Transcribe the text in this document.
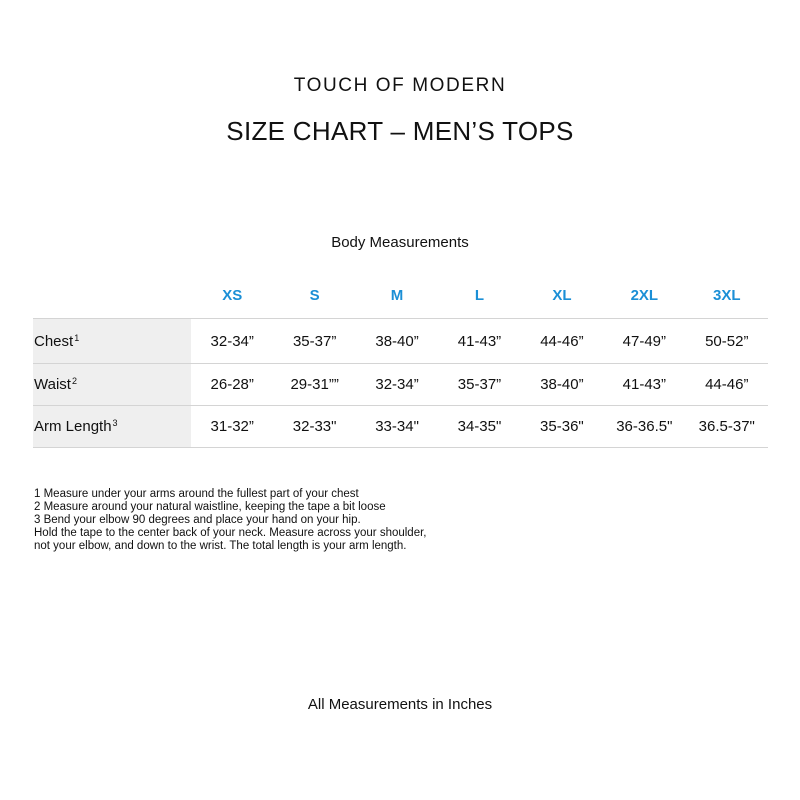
TOUCH OF MODERN
SIZE CHART – MEN’S TOPS
Body Measurements
	XS	S	M	L	XL	2XL	3XL
Chest$^1$	32-34”	35-37”	38-40”	41-43”	44-46”	47-49”	50-52”
Waist$^2$	26-28”	29-31””	32-34”	35-37”	38-40”	41-43”	44-46”
Arm Length$^3$	31-32”	32-33"	33-34"	34-35"	35-36"	36-36.5"	36.5-37"
1 Measure under your arms around the fullest part of your chest
2 Measure around your natural waistline, keeping the tape a bit loose
3 Bend your elbow 90 degrees and place your hand on your hip.
Hold the tape to the center back of your neck. Measure across your shoulder,
not your elbow, and down to the wrist. The total length is your arm length.
All Measurements in Inches
